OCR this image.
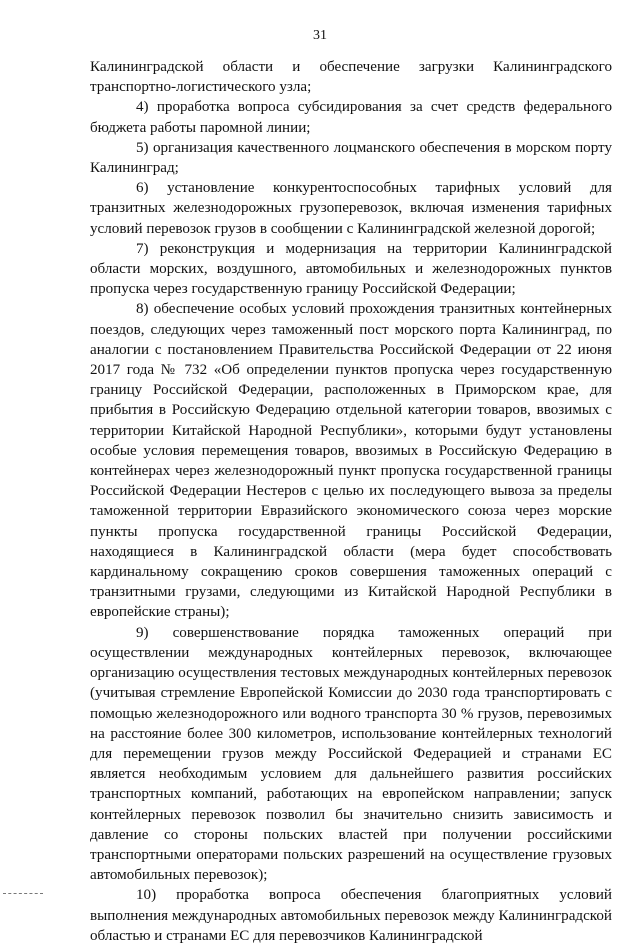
31

Калининградской области и обеспечение загрузки Калининградского транспортно-логистического узла;

4) проработка вопроса субсидирования за счет средств федерального бюджета работы паромной линии;

5) организация качественного лоцманского обеспечения в морском порту Калининград;

6) установление конкурентоспособных тарифных условий для транзитных железнодорожных грузоперевозок, включая изменения тарифных условий перевозок грузов в сообщении с Калининградской железной дорогой;

7) реконструкция и модернизация на территории Калининградской области морских, воздушного, автомобильных и железнодорожных пунктов пропуска через государственную границу Российской Федерации;

8) обеспечение особых условий прохождения транзитных контейнерных поездов, следующих через таможенный пост морского порта Калининград, по аналогии с постановлением Правительства Российской Федерации от 22 июня 2017 года № 732 «Об определении пунктов пропуска через государственную границу Российской Федерации, расположенных в Приморском крае, для прибытия в Российскую Федерацию отдельной категории товаров, ввозимых с территории Китайской Народной Республики», которыми будут установлены особые условия перемещения товаров, ввозимых в Российскую Федерацию в контейнерах через железнодорожный пункт пропуска государственной границы Российской Федерации Нестеров с целью их последующего вывоза за пределы таможенной территории Евразийского экономического союза через морские пункты пропуска государственной границы Российской Федерации, находящиеся в Калининградской области (мера будет способствовать кардинальному сокращению сроков совершения таможенных операций с транзитными грузами, следующими из Китайской Народной Республики в европейские страны);

9) совершенствование порядка таможенных операций при осуществлении международных контейлерных перевозок, включающее организацию осуществления тестовых международных контейлерных перевозок (учитывая стремление Европейской Комиссии до 2030 года транспортировать с помощью железнодорожного или водного транспорта 30 % грузов, перевозимых на расстояние более 300 километров, использование контейлерных технологий для перемещении грузов между Российской Федерацией и странами ЕС является необходимым условием для дальнейшего развития российских транспортных компаний, работающих на европейском направлении; запуск контейлерных перевозок позволил бы значительно снизить зависимость и давление со стороны польских властей при получении российскими транспортными операторами польских разрешений на осуществление грузовых автомобильных перевозок);

10) проработка вопроса обеспечения благоприятных условий выполнения международных автомобильных перевозок между Калининградской областью и странами ЕС для перевозчиков Калининградской
